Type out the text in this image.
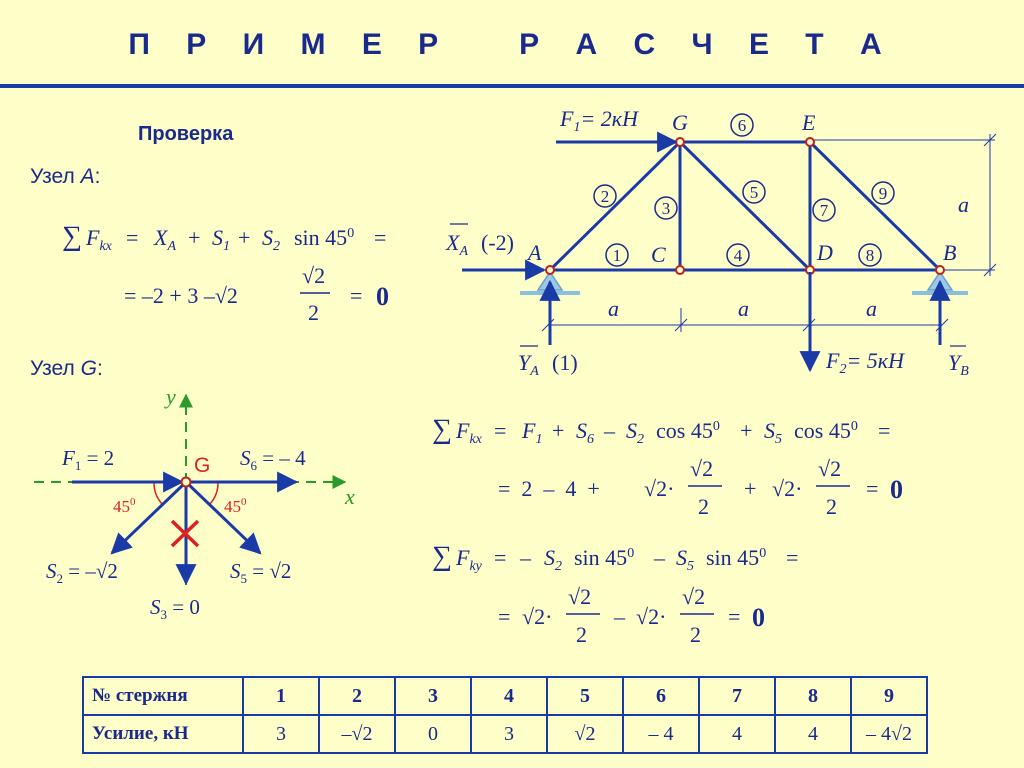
П Р И М Е Р   Р А С Ч Е Т А
Проверка
Узел A:
∑ $F_{kx} = X_A + S_1 + S_2$ $\sin 45^0$ =
= –2 + 3 –√2
√2
2
= 0
Узел G:
a
a	a	a
A
G	E
C	D	B
1
2
3
4
5
6
7
8
9
$F_1= 2кН$
$F_2= 5кН$
$X_A$ (-2)
$Y_A$ (1)	$Y_B$
x
y
G
$F_1 = 2$	$S_6$ = – 4
$S_2 = -√2$	$S_5 = √2$
$S_3 = 0$
$45^0$	$45^0$
∑ $F_{kx} = F_1 + S_6 - S_2$ $\cos 45^0 + S_5$ $\cos 45^0$ =
=  2  –  4  + √2·
√2
2
+ √2·
√2
2
= 0
∑ $F_{ky}$ = – $S_2$ $\sin 45^0 - S_5$ $\sin 45^0$ =
= √2·
√2
2
– √2·
√2
2
= 0
№ стержня	1	2	3	4	5	6	7	8	9
Усилие, кН	3	–√2	0	3	√2	– 4	4	4	– 4√2
